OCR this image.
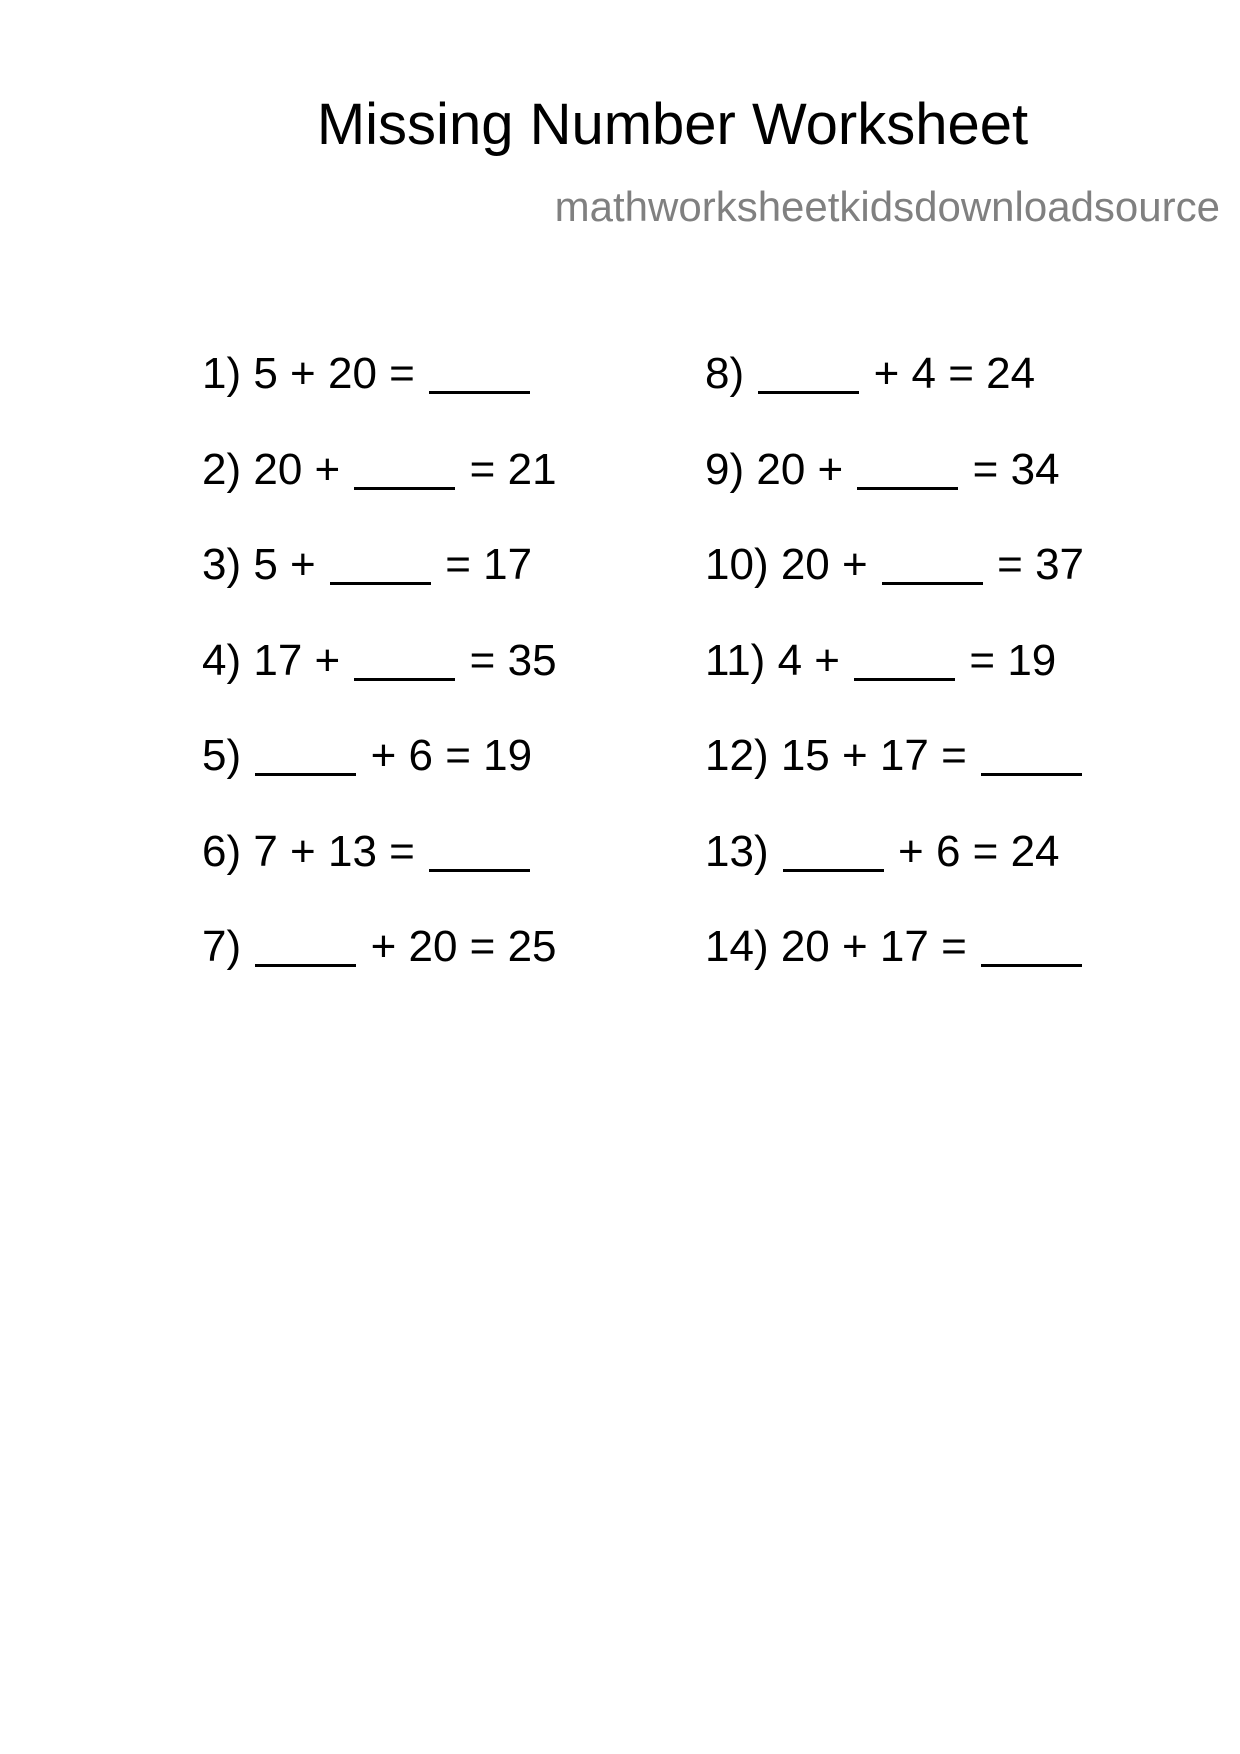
Missing Number Worksheet
mathworksheetkidsdownloadsource
1) 5 + 20 =
2) 20 +  = 21
3) 5 +  = 17
4) 17 +  = 35
5)	+ 6 = 19
6) 7 + 13 =
7)	+ 20 = 25
8)	+ 4 = 24
9) 20 +  = 34
10) 20 +  = 37
11) 4 +  = 19
12) 15 + 17 =
13)	+ 6 = 24
14) 20 + 17 =
